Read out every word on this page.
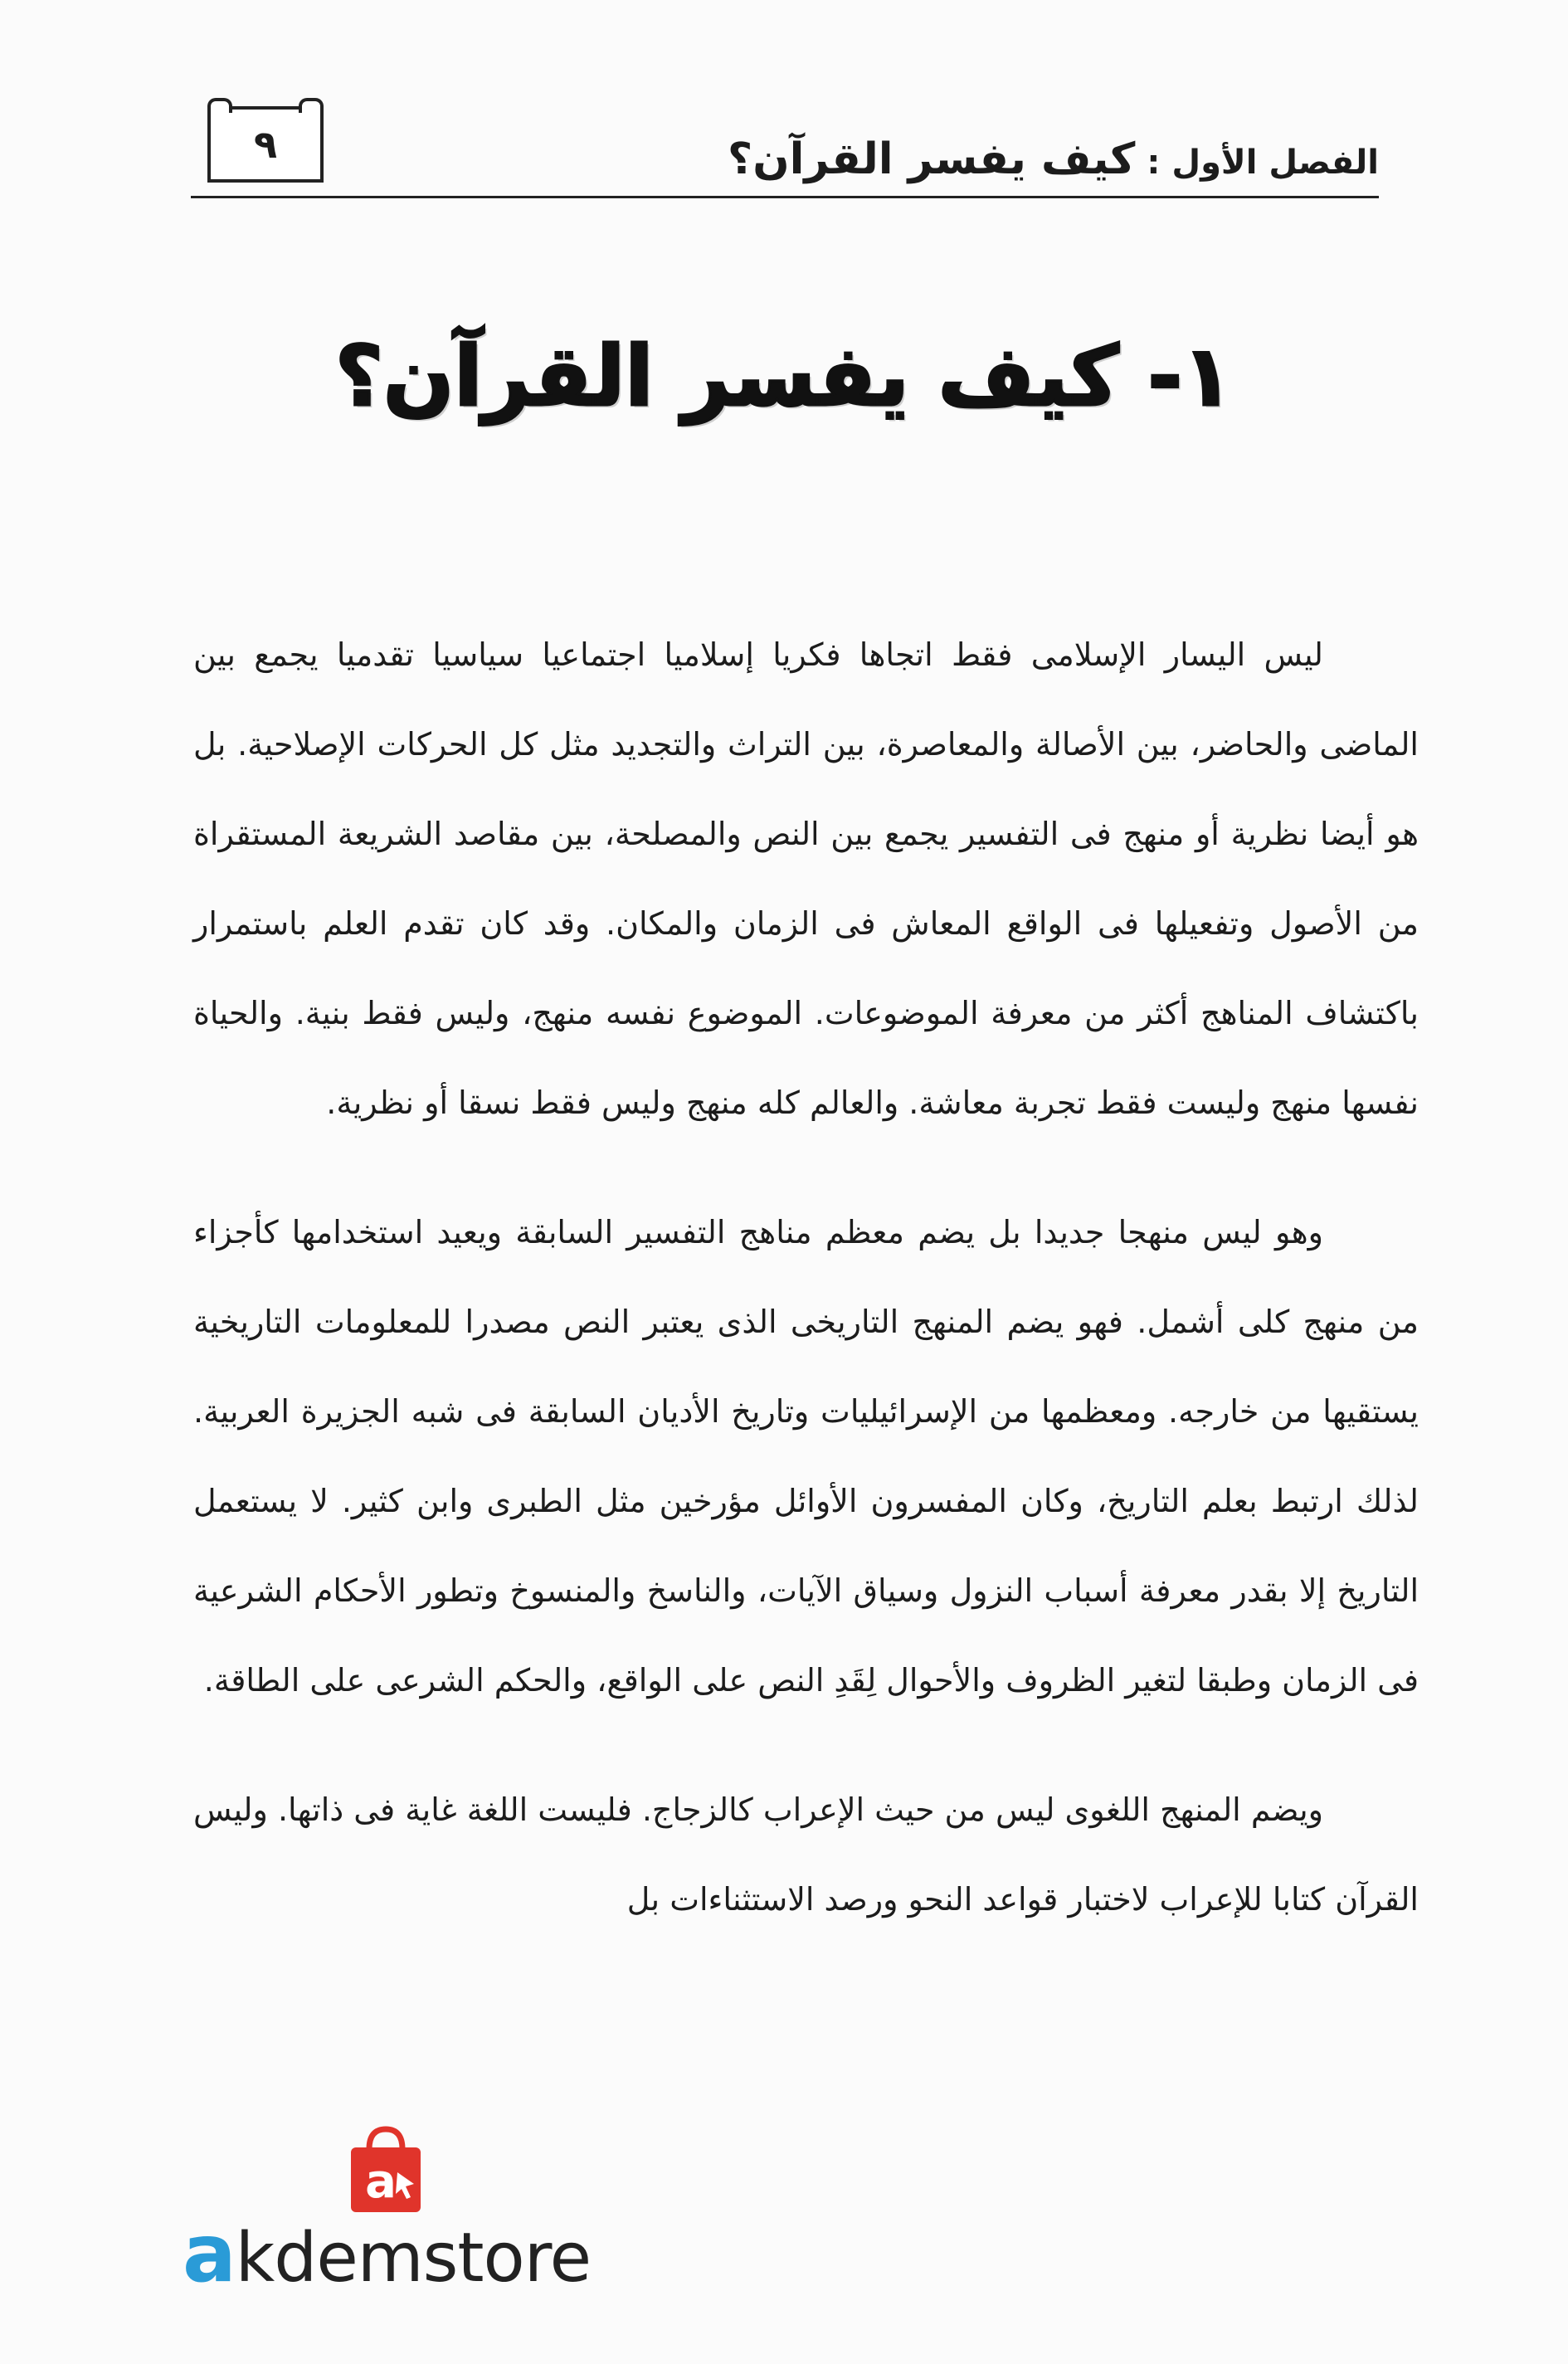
٩	الفصل الأول
:
كيف يفسر القرآن؟
١- كيف يفسر القرآن؟

ليس اليسار الإسلامى فقط اتجاها فكريا إسلاميا اجتماعيا سياسيا تقدميا يجمع بين الماضى والحاضر، بين الأصالة والمعاصرة، بين التراث والتجديد مثل كل الحركات الإصلاحية. بل هو أيضا نظرية أو منهج فى التفسير يجمع بين النص والمصلحة، بين مقاصد الشريعة المستقراة من الأصول وتفعيلها فى الواقع المعاش فى الزمان والمكان. وقد كان تقدم العلم باستمرار باكتشاف المناهج أكثر من معرفة الموضوعات. الموضوع نفسه منهج، وليس فقط بنية. والحياة نفسها منهج وليست فقط تجربة معاشة. والعالم كله منهج وليس فقط نسقا أو نظرية.

وهو ليس منهجا جديدا بل يضم معظم مناهج التفسير السابقة ويعيد استخدامها كأجزاء من منهج كلى أشمل. فهو يضم المنهج التاريخى الذى يعتبر النص مصدرا للمعلومات التاريخية يستقيها من خارجه. ومعظمها من الإسرائيليات وتاريخ الأديان السابقة فى شبه الجزيرة العربية. لذلك ارتبط بعلم التاريخ، وكان المفسرون الأوائل مؤرخين مثل الطبرى وابن كثير. لا يستعمل التاريخ إلا بقدر معرفة أسباب النزول وسياق الآيات، والناسخ والمنسوخ وتطور الأحكام الشرعية فى الزمان وطبقا لتغير الظروف والأحوال لِقَدِ النص على الواقع، والحكم الشرعى على الطاقة.

ويضم المنهج اللغوى ليس من حيث الإعراب كالزجاج. فليست اللغة غاية فى ذاتها. وليس القرآن كتابا للإعراب لاختبار قواعد النحو ورصد الاستثناءات بل

a
akdemstore
